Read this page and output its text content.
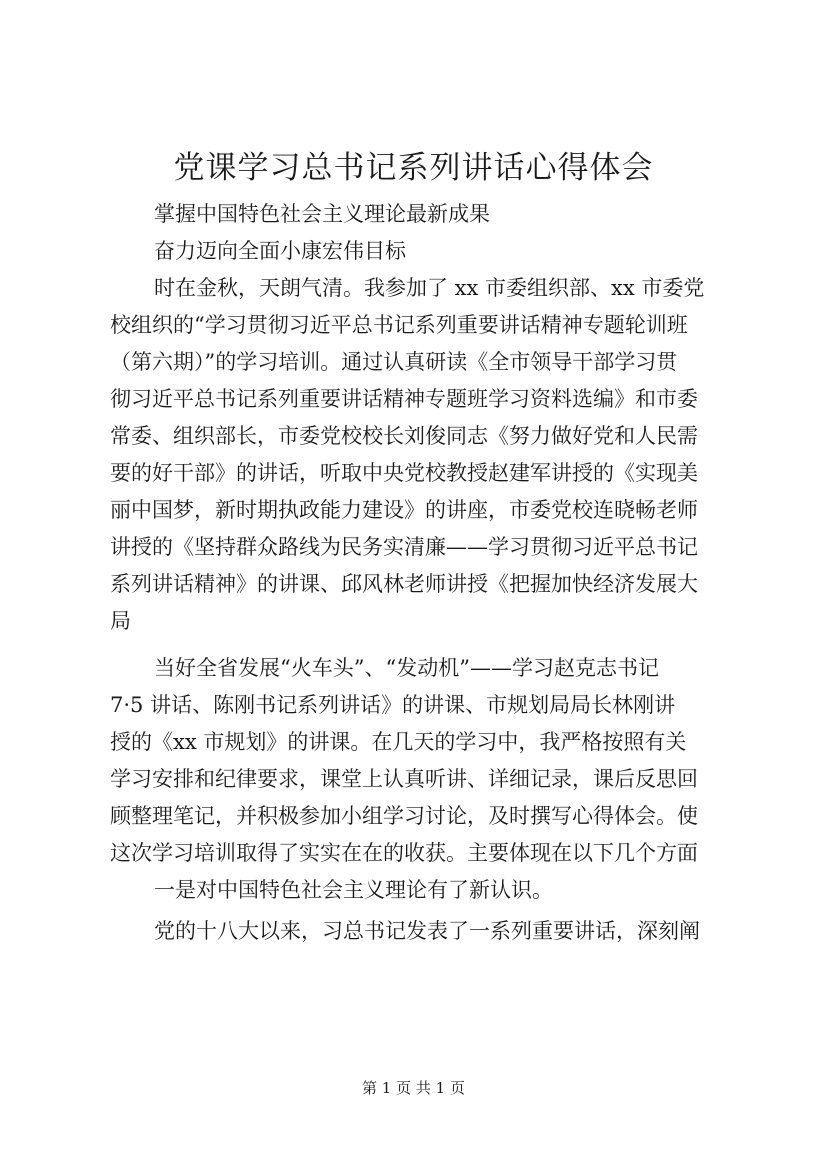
党课学习总书记系列讲话心得体会
掌握中国特色社会主义理论最新成果
奋力迈向全面小康宏伟目标
时在金秋，天朗气清。我参加了 xx 市委组织部、xx 市委党
校组织的“学习贯彻习近平总书记系列重要讲话精神专题轮训班
（第六期）”的学习培训。通过认真研读《全市领导干部学习贯
彻习近平总书记系列重要讲话精神专题班学习资料选编》和市委
常委、组织部长，市委党校校长刘俊同志《努力做好党和人民需
要的好干部》的讲话，听取中央党校教授赵建军讲授的《实现美
丽中国梦，新时期执政能力建设》的讲座，市委党校连晓畅老师
讲授的《坚持群众路线为民务实清廉——学习贯彻习近平总书记
系列讲话精神》的讲课、邱风林老师讲授《把握加快经济发展大
局
当好全省发展“火车头”、“发动机”——学习赵克志书记
7·5 讲话、陈刚书记系列讲话》的讲课、市规划局局长林刚讲
授的《xx 市规划》的讲课。在几天的学习中，我严格按照有关
学习安排和纪律要求，课堂上认真听讲、详细记录，课后反思回
顾整理笔记，并积极参加小组学习讨论，及时撰写心得体会。使
这次学习培训取得了实实在在的收获。主要体现在以下几个方面
一是对中国特色社会主义理论有了新认识。
党的十八大以来，习总书记发表了一系列重要讲话，深刻阐
第 1 页 共 1 页
